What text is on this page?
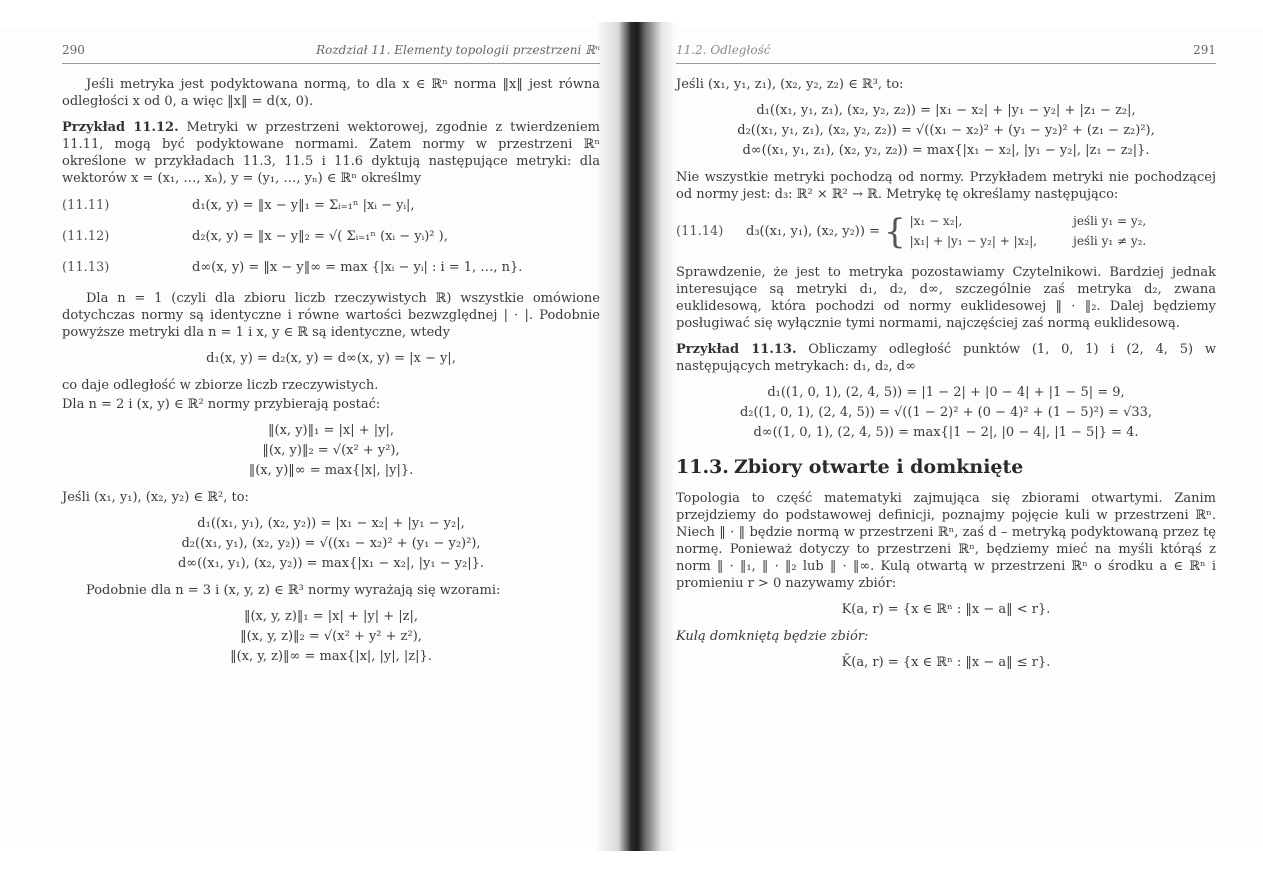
290	Rozdział 11. Elementy topologii przestrzeni ℝⁿ

Jeśli metryka jest podyktowana normą, to dla x ∈ ℝⁿ norma ‖x‖ jest równa odległości x od 0, a więc ‖x‖ = d(x, 0).

Przykład 11.12. Metryki w przestrzeni wektorowej, zgodnie z twierdzeniem 11.11, mogą być podyktowane normami. Zatem normy w przestrzeni ℝⁿ określone w przykładach 11.3, 11.5 i 11.6 dyktują następujące metryki: dla wektorów x = (x₁, …, xₙ), y = (y₁, …, yₙ) ∈ ℝⁿ określmy

(11.11)	d₁(x, y) = ‖x − y‖₁ = Σᵢ₌₁ⁿ |xᵢ − yᵢ|,
(11.12)	d₂(x, y) = ‖x − y‖₂ = √( Σᵢ₌₁ⁿ (xᵢ − yᵢ)² ),
(11.13)	d∞(x, y) = ‖x − y‖∞ = max {|xᵢ − yᵢ| : i = 1, …, n}.

Dla n = 1 (czyli dla zbioru liczb rzeczywistych ℝ) wszystkie omówione dotychczas normy są identyczne i równe wartości bezwzględnej | · |. Podobnie powyższe metryki dla n = 1 i x, y ∈ ℝ są identyczne, wtedy

d₁(x, y) = d₂(x, y) = d∞(x, y) = |x − y|,

co daje odległość w zbiorze liczb rzeczywistych.

Dla n = 2 i (x, y) ∈ ℝ² normy przybierają postać:

‖(x, y)‖₁ = |x| + |y|,
‖(x, y)‖₂ = √(x² + y²),
‖(x, y)‖∞ = max{|x|, |y|}.

Jeśli (x₁, y₁), (x₂, y₂) ∈ ℝ², to:

d₁((x₁, y₁), (x₂, y₂)) = |x₁ − x₂| + |y₁ − y₂|,
d₂((x₁, y₁), (x₂, y₂)) = √((x₁ − x₂)² + (y₁ − y₂)²),
d∞((x₁, y₁), (x₂, y₂)) = max{|x₁ − x₂|, |y₁ − y₂|}.

Podobnie dla n = 3 i (x, y, z) ∈ ℝ³ normy wyrażają się wzorami:

‖(x, y, z)‖₁ = |x| + |y| + |z|,
‖(x, y, z)‖₂ = √(x² + y² + z²),
‖(x, y, z)‖∞ = max{|x|, |y|, |z|}.
11.2. Odległość	291

Jeśli (x₁, y₁, z₁), (x₂, y₂, z₂) ∈ ℝ³, to:

d₁((x₁, y₁, z₁), (x₂, y₂, z₂)) = |x₁ − x₂| + |y₁ − y₂| + |z₁ − z₂|,
d₂((x₁, y₁, z₁), (x₂, y₂, z₂)) = √((x₁ − x₂)² + (y₁ − y₂)² + (z₁ − z₂)²),
d∞((x₁, y₁, z₁), (x₂, y₂, z₂)) = max{|x₁ − x₂|, |y₁ − y₂|, |z₁ − z₂|}.

Nie wszystkie metryki pochodzą od normy. Przykładem metryki nie pochodzącej od normy jest: d₃: ℝ² × ℝ² → ℝ. Metrykę tę określamy następująco:

(11.14)	d₃((x₁, y₁), (x₂, y₂)) = { |x₁ − x₂|,	jeśli y₁ = y₂,
|x₁| + |y₁ − y₂| + |x₂|,	jeśli y₁ ≠ y₂.

Sprawdzenie, że jest to metryka pozostawiamy Czytelnikowi. Bardziej jednak interesujące są metryki d₁, d₂, d∞, szczególnie zaś metryka d₂, zwana euklidesową, która pochodzi od normy euklidesowej ‖ · ‖₂. Dalej będziemy posługiwać się wyłącznie tymi normami, najczęściej zaś normą euklidesową.

Przykład 11.13. Obliczamy odległość punktów (1, 0, 1) i (2, 4, 5) w następujących metrykach: d₁, d₂, d∞

d₁((1, 0, 1), (2, 4, 5)) = |1 − 2| + |0 − 4| + |1 − 5| = 9,
d₂((1, 0, 1), (2, 4, 5)) = √((1 − 2)² + (0 − 4)² + (1 − 5)²) = √33,
d∞((1, 0, 1), (2, 4, 5)) = max{|1 − 2|, |0 − 4|, |1 − 5|} = 4.
11.3. Zbiory otwarte i domknięte

Topologia to część matematyki zajmująca się zbiorami otwartymi. Zanim przejdziemy do podstawowej definicji, poznajmy pojęcie kuli w przestrzeni ℝⁿ. Niech ‖ · ‖ będzie normą w przestrzeni ℝⁿ, zaś d – metryką podyktowaną przez tę normę. Ponieważ dotyczy to przestrzeni ℝⁿ, będziemy mieć na myśli którąś z norm ‖ · ‖₁, ‖ · ‖₂ lub ‖ · ‖∞. Kulą otwartą w przestrzeni ℝⁿ o środku a ∈ ℝⁿ i promieniu r > 0 nazywamy zbiór:

K(a, r) = {x ∈ ℝⁿ : ‖x − a‖ < r}.

Kulą domkniętą będzie zbiór:

K̄(a, r) = {x ∈ ℝⁿ : ‖x − a‖ ≤ r}.
